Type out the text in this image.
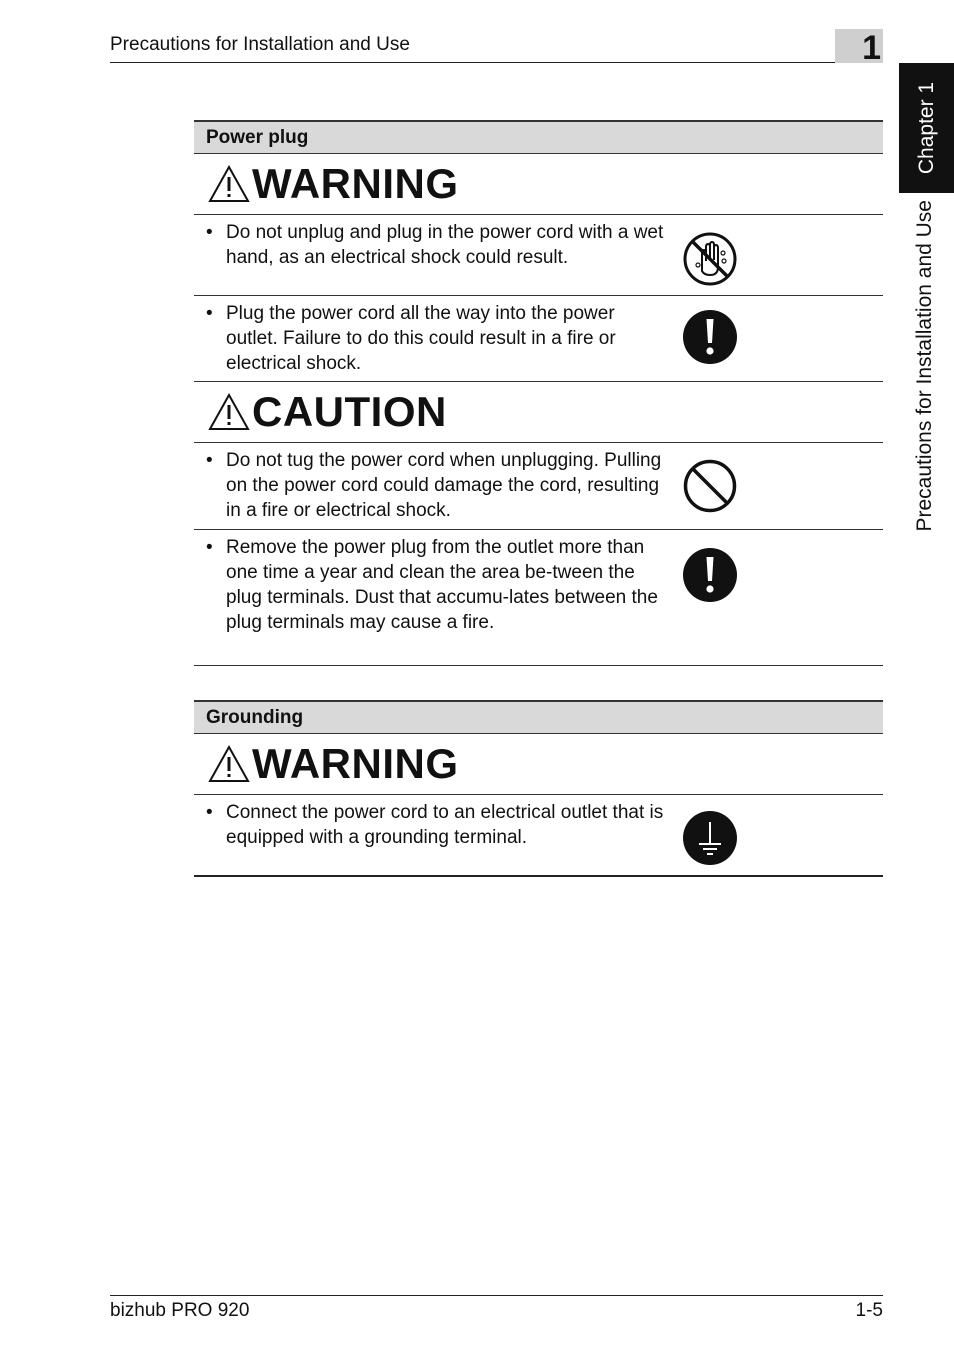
Precautions for Installation and Use	1
Chapter 1
Precautions for Installation and Use
Power plug
WARNING
• Do not unplug and plug in the power cord with a wet hand, as an electrical shock could result.
• Plug the power cord all the way into the power outlet. Failure to do this could result in a fire or electrical shock.
CAUTION
• Do not tug the power cord when unplugging. Pulling on the power cord could damage the cord, resulting in a fire or electrical shock.
• Remove the power plug from the outlet more than one time a year and clean the area be-tween the plug terminals. Dust that accumu-lates between the plug terminals may cause a fire.
Grounding
WARNING
• Connect the power cord to an electrical outlet that is equipped with a grounding terminal.
bizhub PRO 920	1-5
